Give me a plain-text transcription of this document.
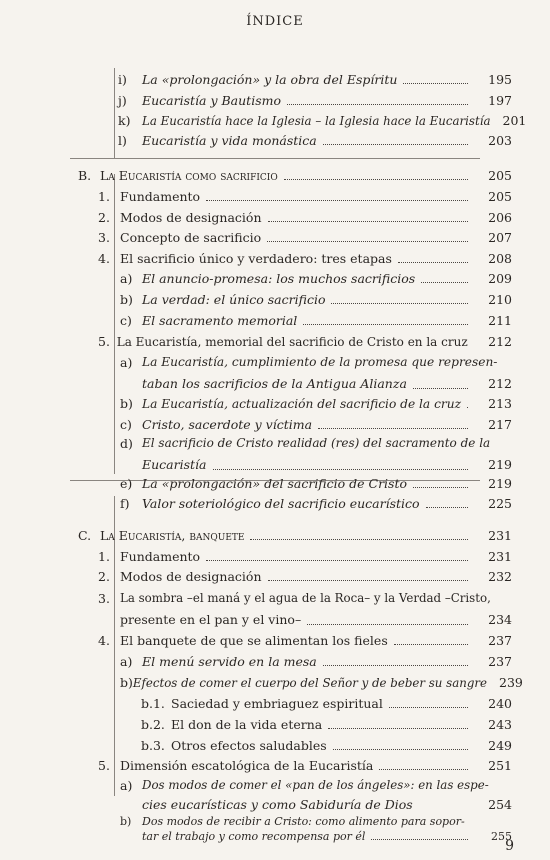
ÍNDICE
i) La «prolongación» y la obra del Espíritu	195
j) Eucaristía y Bautismo	197
k) La Eucaristía hace la Iglesia – la Iglesia hace la Eucaristía 201
l) Eucaristía y vida monástica	203
B. La Eucaristía como sacrificio	205
1. Fundamento	205
2. Modos de designación	206
3. Concepto de sacrificio	207
4. El sacrificio único y verdadero: tres etapas	208
a) El anuncio-promesa: los muchos sacrificios	209
b) La verdad: el único sacrificio	210
c) El sacramento memorial	211
5. La Eucaristía, memorial del sacrificio de Cristo en la cruz	212
a) La Eucaristía, cumplimiento de la promesa que represen-
taban los sacrificios de la Antigua Alianza	212
b) La Eucaristía, actualización del sacrificio de la cruz	213
c) Cristo, sacerdote y víctima	217
d) El sacrificio de Cristo realidad (res) del sacramento de la
Eucaristía	219
e) La «prolongación» del sacrificio de Cristo	219
f) Valor soteriológico del sacrificio eucarístico	225
C. La Eucaristía, banquete	231
1. Fundamento	231
2. Modos de designación	232
3. La sombra –el maná y el agua de la Roca– y la Verdad –Cristo,
presente en el pan y el vino–	234
4. El banquete de que se alimentan los fieles	237
a) El menú servido en la mesa	237
b) Efectos de comer el cuerpo del Señor y de beber su sangre 239
b.1. Saciedad y embriaguez espiritual	240
b.2. El don de la vida eterna	243
b.3. Otros efectos saludables	249
5. Dimensión escatológica de la Eucaristía	251
a) Dos modos de comer el «pan de los ángeles»: en las espe-
cies eucarísticas y como Sabiduría de Dios	254
b) Dos modos de recibir a Cristo: como alimento para sopor-
tar el trabajo y como recompensa por él	255
9
